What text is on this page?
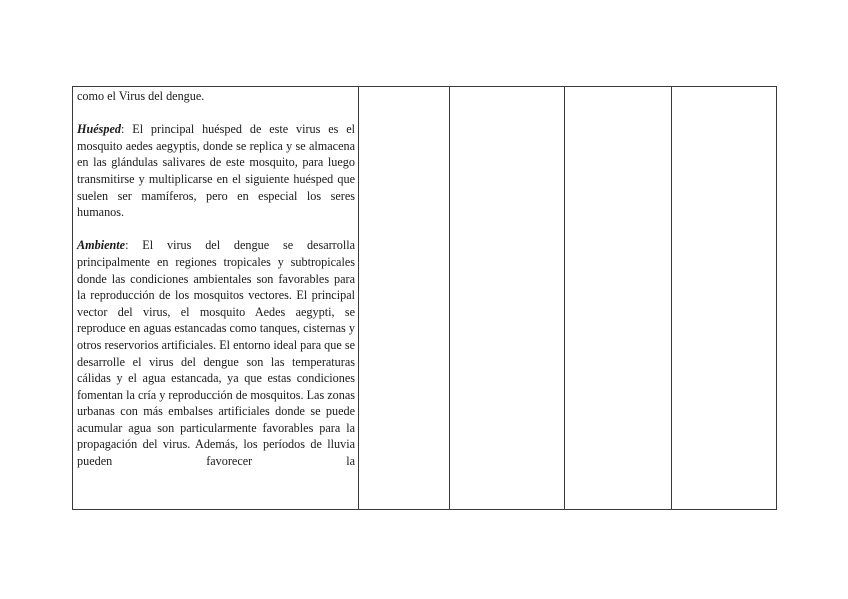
como el Virus del dengue.

Huésped: El principal huésped de este virus es el mosquito aedes aegyptis, donde se replica y se almacena en las glándulas salivares de este mosquito, para luego transmitirse y multiplicarse en el siguiente huésped que suelen ser mamíferos, pero en especial los seres humanos.

Ambiente: El virus del dengue se desarrolla principalmente en regiones tropicales y subtropicales donde las condiciones ambientales son favorables para la reproducción de los mosquitos vectores. El principal vector del virus, el mosquito Aedes aegypti, se reproduce en aguas estancadas como tanques, cisternas y otros reservorios artificiales. El entorno ideal para que se desarrolle el virus del dengue son las temperaturas cálidas y el agua estancada, ya que estas condiciones fomentan la cría y reproducción de mosquitos. Las zonas urbanas con más embalses artificiales donde se puede acumular agua son particularmente favorables para la propagación del virus. Además, los períodos de lluvia pueden favorecer la
